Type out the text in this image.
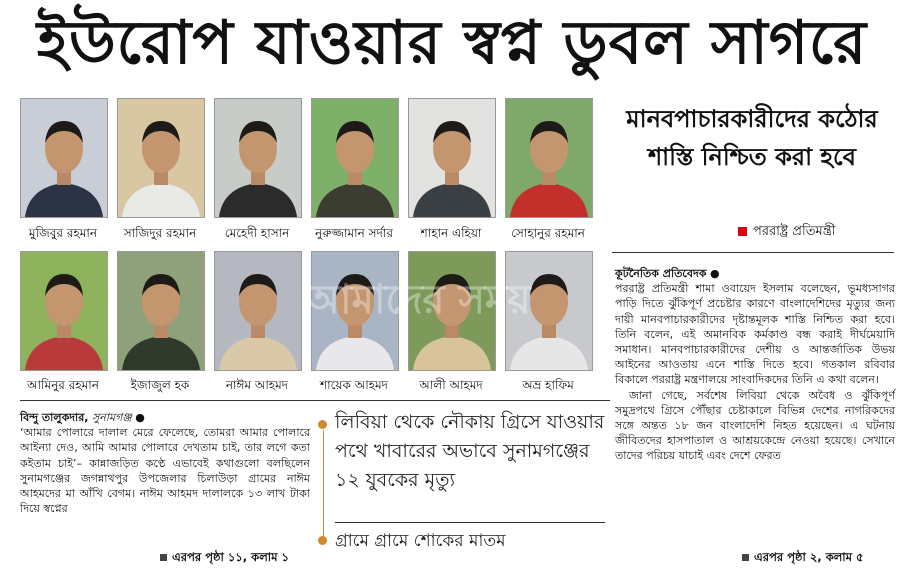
ইউরোপ যাওয়ার স্বপ্ন ডুবল সাগরে
মুজিবুর রহমান	সাজিদুর রহমান	মেহেদী হাসান	নুরুজ্জামান সর্দার	শাহান এহিয়া	সোহানুর রহমান
আমিনুর রহমান	ইজাজুল হক	নাঈম আহমদ	শায়েক আহমদ	আলী আহমদ	অভ্র হাফিম
আমাদের সময়
মানবপাচারকারীদের কঠোর শাস্তি নিশ্চিত করা হবে
পররাষ্ট্র প্রতিমন্ত্রী
বিন্দু তালুকদার, সুনামগঞ্জ ●
‘আমার পোলারে দালাল মেরে ফেলেছে, তোমরা আমার পোলারে আইন্যা দেও, আমি আমার পোলারে দেখতাম চাই, তার লগে কতা কইতাম চাই’– কান্নাজড়িত কণ্ঠে এভাবেই কথাগুলো বলছিলেন সুনামগঞ্জের জগন্নাথপুর উপজেলার চিলাউড়া গ্রামের নাঈম আহমদের মা আঁখি বেগম। নাঈম আহমদ দালালকে ১৩ লাখ টাকা দিয়ে স্বপ্নের
এরপর পৃষ্ঠা ১১, কলাম ১
লিবিয়া থেকে নৌকায় গ্রিসে যাওয়ার পথে খাবারের অভাবে সুনামগঞ্জের ১২ যুবকের মৃত্যু
গ্রামে গ্রামে শোকের মাতম
কূটনৈতিক প্রতিবেদক ●
পররাষ্ট্র প্রতিমন্ত্রী শামা ওবায়েদ ইসলাম বলেছেন, ভূমধ্যসাগর পাড়ি দিতে ঝুঁকিপূর্ণ প্রচেষ্টার কারণে বাংলাদেশিদের মৃত্যুর জন্য দায়ী মানবপাচারকারীদের দৃষ্টান্তমূলক শাস্তি নিশ্চিত করা হবে। তিনি বলেন, এই অমানবিক কর্মকাণ্ড বন্ধ করাই দীর্ঘমেয়াদি সমাধান। মানবপাচারকারীদের দেশীয় ও আন্তর্জাতিক উভয় আইনের আওতায় এনে শাস্তি দিতে হবে। গতকাল রবিবার বিকালে পররাষ্ট্র মন্ত্রণালয়ে সাংবাদিকদের তিনি এ কথা বলেন।
জানা গেছে, সর্বশেষ লিবিয়া থেকে অবৈধ ও ঝুঁকিপূর্ণ সমুদ্রপথে গ্রিসে পৌঁছার চেষ্টাকালে বিভিন্ন দেশের নাগরিকদের সঙ্গে অন্তত ১৮ জন বাংলাদেশি নিহত হয়েছেন। এ ঘটনায় জীবিতদের হাসপাতাল ও আশ্রয়কেন্দ্রে নেওয়া হয়েছে। সেখানে তাদের পরিচয় যাচাই এবং দেশে ফেরত
এরপর পৃষ্ঠা ২, কলাম ৫
